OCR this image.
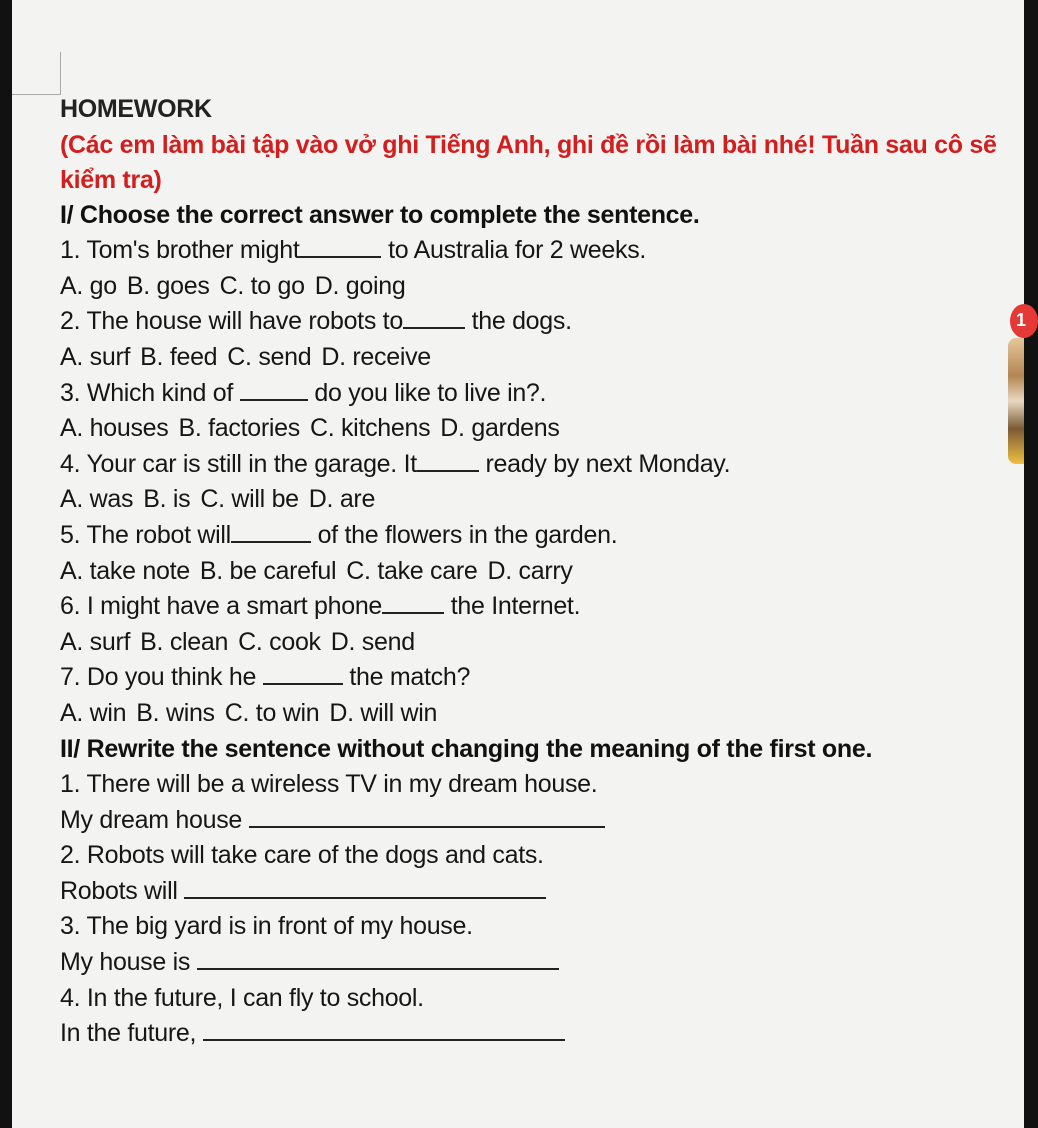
HOMEWORK
(Các em làm bài tập vào vở ghi Tiếng Anh, ghi đề rồi làm bài nhé! Tuần sau cô sẽ kiểm tra)
I/ Choose the correct answer to complete the sentence.
1. Tom's brother might	to Australia for 2 weeks.
A. go B. goes C. to go D. going
2. The house will have robots to the dogs.
A. surf B. feed C. send D. receive
3. Which kind of	do you like to live in?.
A. houses B. factories C. kitchens D. gardens
4. Your car is still in the garage. It ready by next Monday.
A. was B. is C. will be D. are
5. The robot will	of the flowers in the garden.
A. take note B. be careful C. take care D. carry
6. I might have a smart phone the Internet.
A. surf B. clean C. cook D. send
7. Do you think he	the match?
A. win B. wins C. to win D. will win
II/ Rewrite the sentence without changing the meaning of the first one.
1. There will be a wireless TV in my dream house.
My dream house
2. Robots will take care of the dogs and cats.
Robots will
3. The big yard is in front of my house.
My house is
4. In the future, I can fly to school.
In the future,
1
